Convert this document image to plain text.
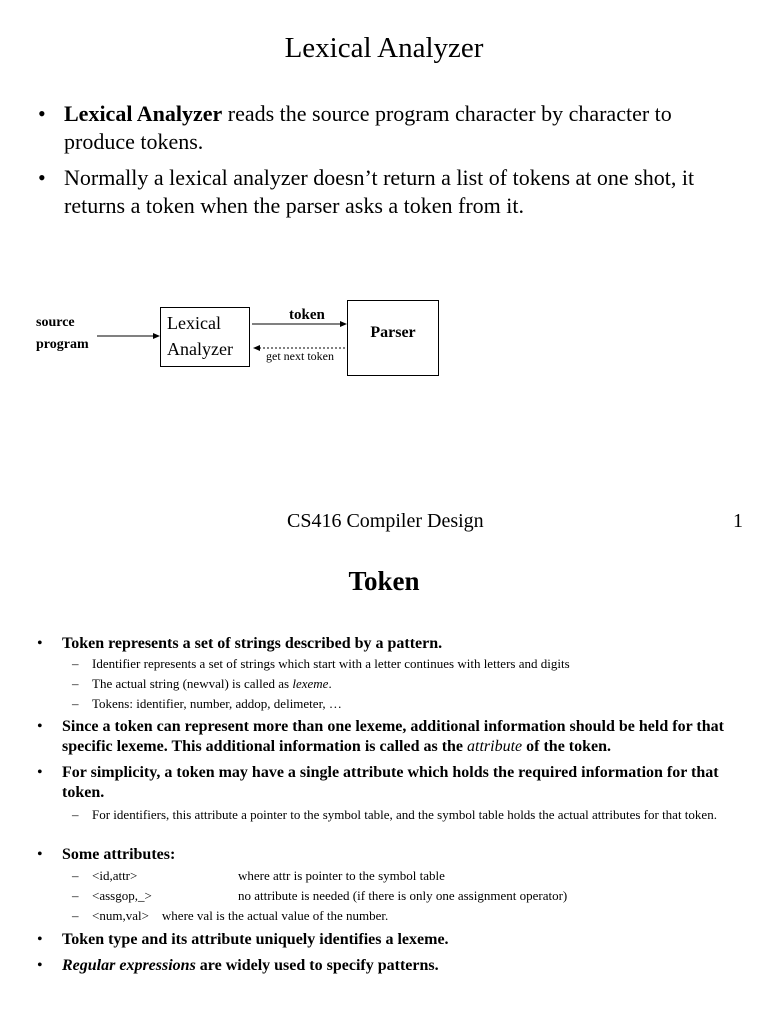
Lexical Analyzer
• Lexical Analyzer reads the source program character by character to produce tokens.
• Normally a lexical analyzer doesn’t return a list of tokens at one shot, it returns a token when the parser asks a token from it.
source
program
Lexical
Analyzer
token
get next token
Parser
CS416 Compiler Design	1
Token
• Token represents a set of strings described by a pattern.
– Identifier represents a set of strings which start with a letter continues with letters and digits
– The actual string (newval) is called as lexeme.
– Tokens: identifier, number, addop, delimeter, …
• Since a token can represent more than one lexeme, additional information should be held for that specific lexeme. This additional information is called as the attribute of the token.
• For simplicity, a token may have a single attribute which holds the required information for that token.
– For identifiers, this attribute a pointer to the symbol table, and the symbol table holds the actual attributes for that token.
• Some attributes:
– <id,attr>	where attr is pointer to the symbol table
– <assgop,_>	no attribute is needed (if there is only one assignment operator)
– <num,val> where val is the actual value of the number.
• Token type and its attribute uniquely identifies a lexeme.
• Regular expressions are widely used to specify patterns.
